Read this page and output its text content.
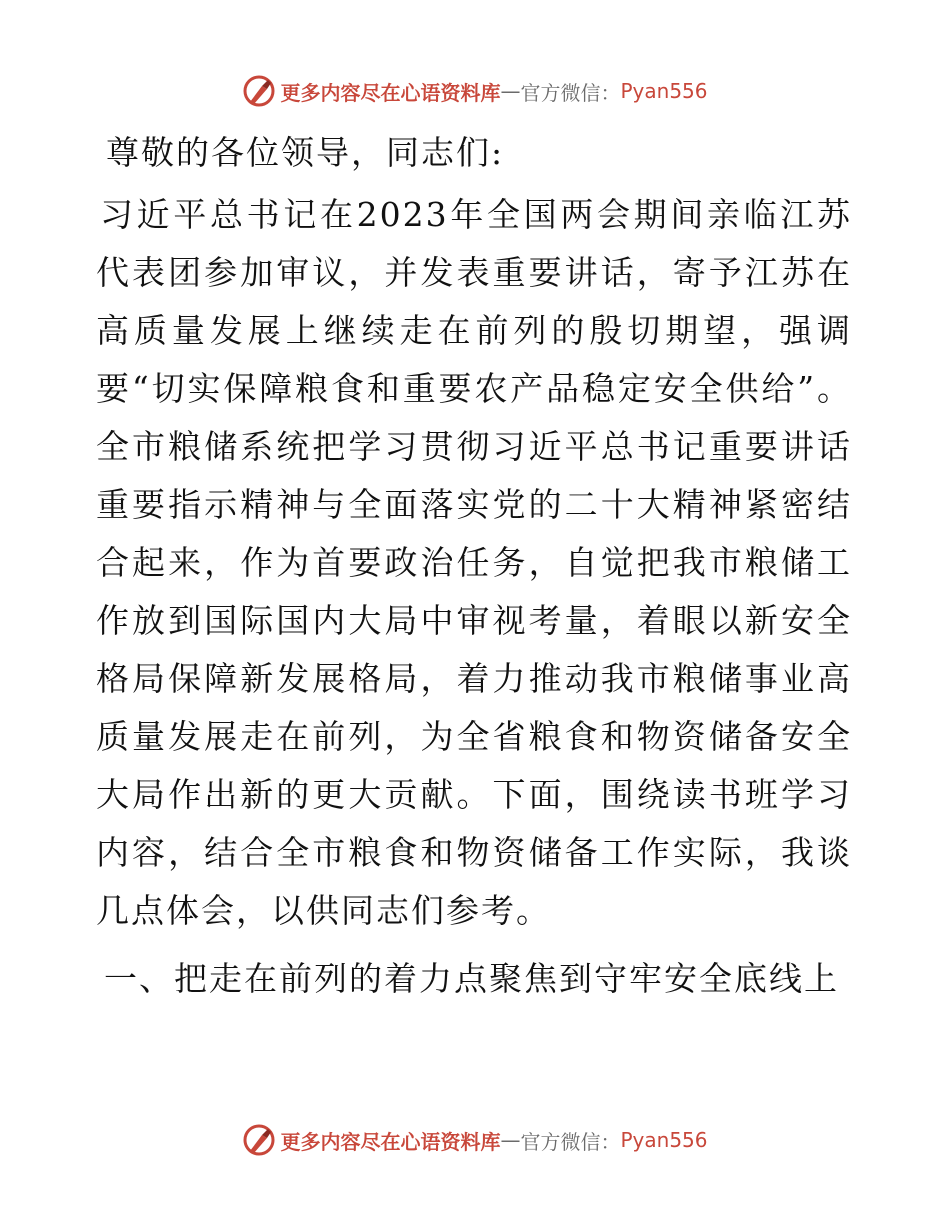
更多内容尽在心语资料库 — 官方微信： Pyan556

尊敬的各位领导，同志们:

习近平总书记在2023年全国两会期间亲临江苏代表团参加审议，并发表重要讲话，寄予江苏在高质量发展上继续走在前列的殷切期望，强调要“切实保障粮食和重要农产品稳定安全供给”。全市粮储系统把学习贯彻习近平总书记重要讲话重要指示精神与全面落实党的二十大精神紧密结合起来，作为首要政治任务，自觉把我市粮储工作放到国际国内大局中审视考量，着眼以新安全格局保障新发展格局，着力推动我市粮储事业高质量发展走在前列，为全省粮食和物资储备安全大局作出新的更大贡献。下面，围绕读书班学习内容，结合全市粮食和物资储备工作实际，我谈几点体会，以供同志们参考。

一、把走在前列的着力点聚焦到守牢安全底线上

更多内容尽在心语资料库 — 官方微信： Pyan556
